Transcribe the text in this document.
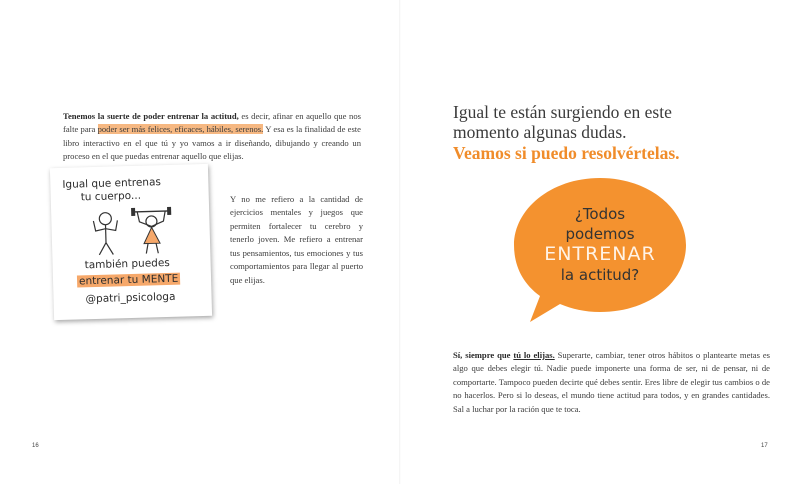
Tenemos la suerte de poder entrenar la actitud, es decir, afinar en aquello que nos falte para poder ser más felices, eficaces, hábiles, serenos. Y esa es la finalidad de este libro interactivo en el que tú y yo vamos a ir diseñando, dibujando y creando un proceso en el que puedas entrenar aquello que elijas.

Igual que entrenas
tu cuerpo...
también puedes
entrenar tu MENTE
@patri_psicologa

Y no me refiero a la cantidad de ejercicios mentales y juegos que permiten fortalecer tu cerebro y tenerlo joven. Me refiero a entrenar tus pensamientos, tus emociones y tus comportamientos para llegar al puerto que elijas.

16
Igual te están surgiendo en este
momento algunas dudas.
Veamos si puedo resolvértelas.
¿Todos
podemos
ENTRENAR
la actitud?

Sí, siempre que tú lo elijas. Superarte, cambiar, tener otros hábitos o plantearte metas es algo que debes elegir tú. Nadie puede imponerte una forma de ser, ni de pensar, ni de comportarte. Tampoco pueden decirte qué debes sentir. Eres libre de elegir tus cambios o de no hacerlos. Pero si lo deseas, el mundo tiene actitud para todos, y en grandes cantidades. Sal a luchar por la ración que te toca.

17
